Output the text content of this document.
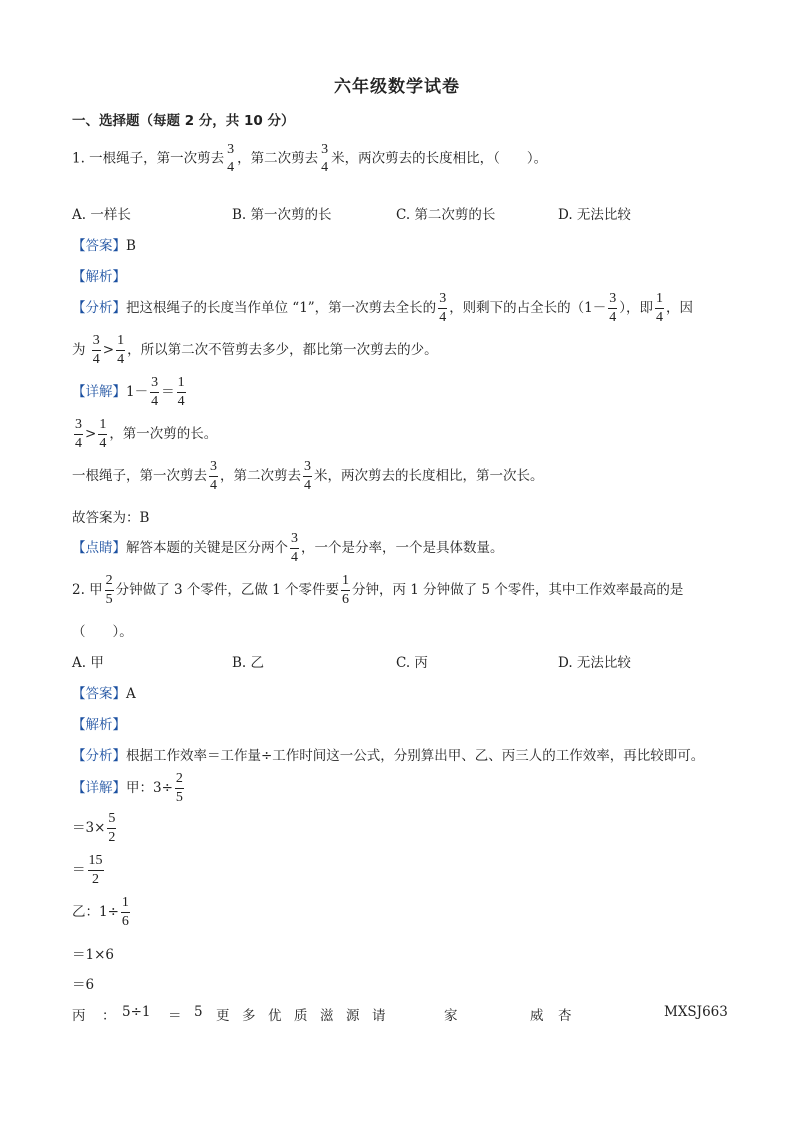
六年级数学试卷
一、选择题（每题 2 分，共 10 分）
1. 一根绳子，第一次剪去
3
4
，第二次剪去
3
4
米，两次剪去的长度相比，（　　）。
A. 一样长	B. 第一次剪的长	C. 第二次剪的长	D. 无法比较
【答案】B
【解析】
【分析】把这根绳子的长度当作单位 “1”，第一次剪去全长的 $\frac{3}{4}$ ，则剩下的占全长的（$1- \frac{3}{4}$ ），即 $\frac{1}{4}$ ，因
为 $\frac{3}{4} > \frac{1}{4}$ ，所以第二次不管剪去多少，都比第一次剪去的少。
【详解】$1- \frac{3}{4} = \frac{1}{4}$
$\frac{3}{4} > \frac{1}{4}$ ，第一次剪的长。
一根绳子，第一次剪去 $\frac{3}{4}$ ，第二次剪去 $\frac{3}{4}$ 米，两次剪去的长度相比，第一次长。
故答案为：B
【点睛】解答本题的关键是区分两个 $\frac{3}{4}$ ，一个是分率，一个是具体数量。
2. 甲 $\frac{2}{5}$ 分钟做了 3 个零件，乙做 1 个零件要 $\frac{1}{6}$ 分钟，丙 1 分钟做了 5 个零件，其中工作效率最高的是
（　　）。
A. 甲	B. 乙	C. 丙	D. 无法比较
【答案】A
【解析】
【分析】根据工作效率＝工作量÷工作时间这一公式，分别算出甲、乙、丙三人的工作效率，再比较即可。
【详解】甲：$3\div \frac{2}{5}$
$=3\times \frac{5}{2}$
＝ $\frac{15}{2}$
乙：$1\div \frac{1}{6}$
＝1×6
＝6
丙 ： 5÷1 ＝ 5 更 多 优 质 滋 源 请	家	威 杏	MXSJ663
